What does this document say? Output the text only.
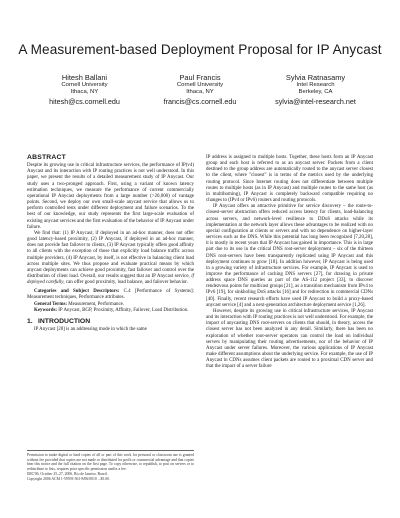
A Measurement-based Deployment Proposal for IP Anycast
Hitesh Ballani
Cornell University
Ithaca, NY
hitesh@cs.cornell.edu
Paul Francis
Cornell University
Ithaca, NY
francis@cs.cornell.edu
Sylvia Ratnasamy
Intel Research
Berkeley, CA
sylvia@intel-research.net
ABSTRACT

Despite its growing use in critical infrastructure services, the performance of IP(v4) Anycast and its interaction with IP routing practices is not well understood. In this paper, we present the results of a detailed measurement study of IP Anycast. Our study uses a two-pronged approach. First, using a variant of known latency estimation techniques, we measure the performance of current commercially operational IP Anycast deployments from a large number (>20,000) of vantage points. Second, we deploy our own small-scale anycast service that allows us to perform controlled tests under different deployment and failure scenarios. To the best of our knowledge, our study represents the first large-scale evaluation of existing anycast services and the first evaluation of the behavior of IP Anycast under failure.

We find that: (1) IP Anycast, if deployed in an ad-hoc manner, does not offer good latency-based proximity, (2) IP Anycast, if deployed in an ad-hoc manner, does not provide fast failover to clients, (3) IP Anycast typically offers good affinity to all clients with the exception of those that explicitly load balance traffic across multiple providers, (4) IP Anycast, by itself, is not effective in balancing client load across multiple sites. We thus propose and evaluate practical means by which anycast deployments can achieve good proximity, fast failover and control over the distribution of client load. Overall, our results suggest that an IP Anycast service, if deployed carefully, can offer good proximity, load balance, and failover behavior.

Categories and Subject Descriptors: C.4 [Performance of Systems]: Measurement techniques, Performance attributes.

General Terms: Measurement, Performance.

Keywords: IP Anycast, BGP, Proximity, Affinity, Failover, Load Distribution.

1. INTRODUCTION

IP Anycast [28] is an addressing mode in which the same

Permission to make digital or hard copies of all or part of this work for personal or classroom use is granted without fee provided that copies are not made or distributed for profit or commercial advantage and that copies bear this notice and the full citation on the first page. To copy otherwise, to republish, to post on servers or to redistribute to lists, requires prior specific permission and/or a fee.

IMC'06, October 25–27, 2006, Rio de Janeiro, Brazil.

Copyright 2006 ACM 1-59593-561-8/06/0010 ...$5.00.

IP address is assigned to multiple hosts. Together, these hosts form an IP Anycast group and each host is referred to as an anycast server. Packets from a client destined to the group address are automatically routed to the anycast server closest to the client, where "closest" is in terms of the metrics used by the underlying routing protocol. Since Internet routing does not differentiate between multiple routes to multiple hosts (as in IP Anycast) and multiple routes to the same host (as in multihoming), IP Anycast is completely backward compatible requiring no changes to (IPv4 or IPv6) routers and routing protocols.

IP Anycast offers an attractive primitive for service discovery – the route-to-closest-server abstraction offers reduced access latency for clients, load-balancing across servers, and network-level resilience to DDoS attacks while its implementation at the network layer allows these advantages to be realized with no special configuration at clients or servers and with no dependence on higher-layer services such as the DNS. While this potential has long been recognized [7,20,28], it is mostly in recent years that IP Anycast has gained in importance. This is in large part due to its use in the critical DNS root-server deployment – six of the thirteen DNS root-servers have been transparently replicated using IP Anycast and this deployment continues to grow [18]. In addition however, IP Anycast is being used in a growing variety of infrastructure services. For example, IP Anycast is used to improve the performance of caching DNS servers [27], for drawing in private address space DNS queries as part of the AS-112 project [33], to discover rendezvous points for multicast groups [21], as a transition mechanism from IPv4 to IPv6 [19], for sinkholing DoS attacks [16] and for redirection in commercial CDNs [40]. Finally, recent research efforts have used IP Anycast to build a proxy-based anycast service [4] and a next-generation architecture deployment service [1,26].

However, despite its growing use in critical infrastructure services, IP Anycast and its interaction with IP routing practices is not well understood. For example, the impact of anycasting DNS root-servers on clients that should, in theory, access the closest server has not been analyzed in any detail. Similarly, there has been no exploration of whether root-server operators can control the load on individual servers by manipulating their routing advertisements, nor of the behavior of IP Anycast under server failures. Moreover, the various applications of IP Anycast make different assumptions about the underlying service. For example, the use of IP Anycast in CDNs assumes client packets are routed to a proximal CDN server and that the impact of a server failure
